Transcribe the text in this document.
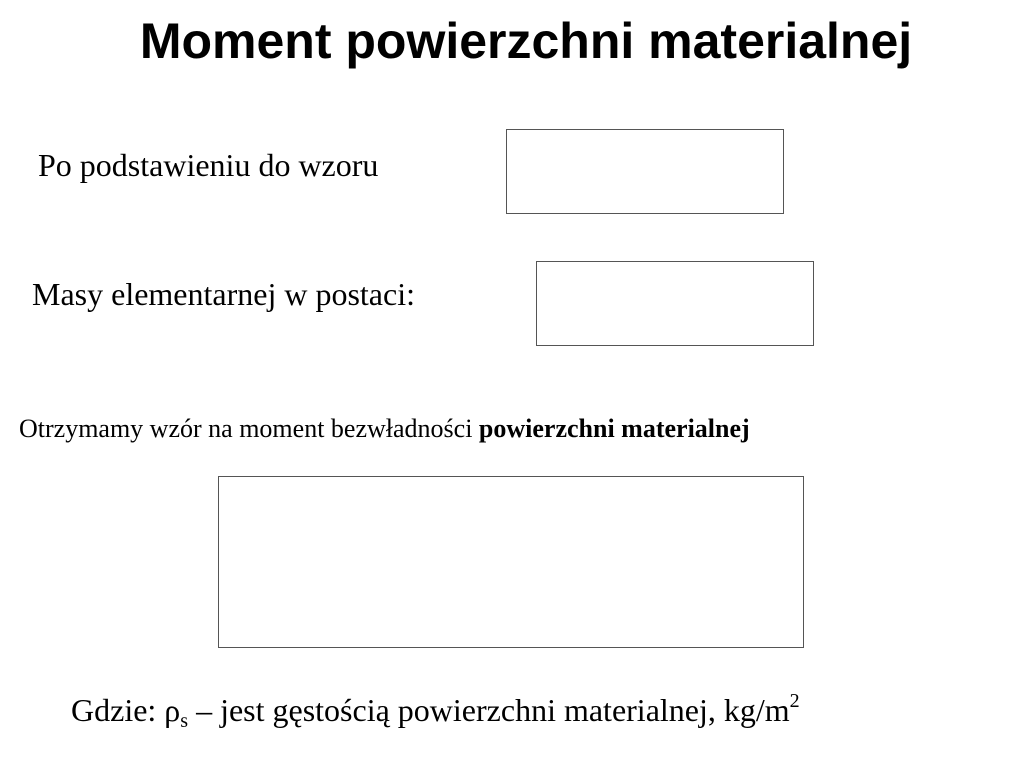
Moment powierzchni materialnej
Po podstawieniu do wzoru
Masy elementarnej w postaci:
Otrzymamy wzór na moment bezwładności powierzchni materialnej
Gdzie: $\rho_s$ – jest gęstością powierzchni materialnej, $kg/m^2$
